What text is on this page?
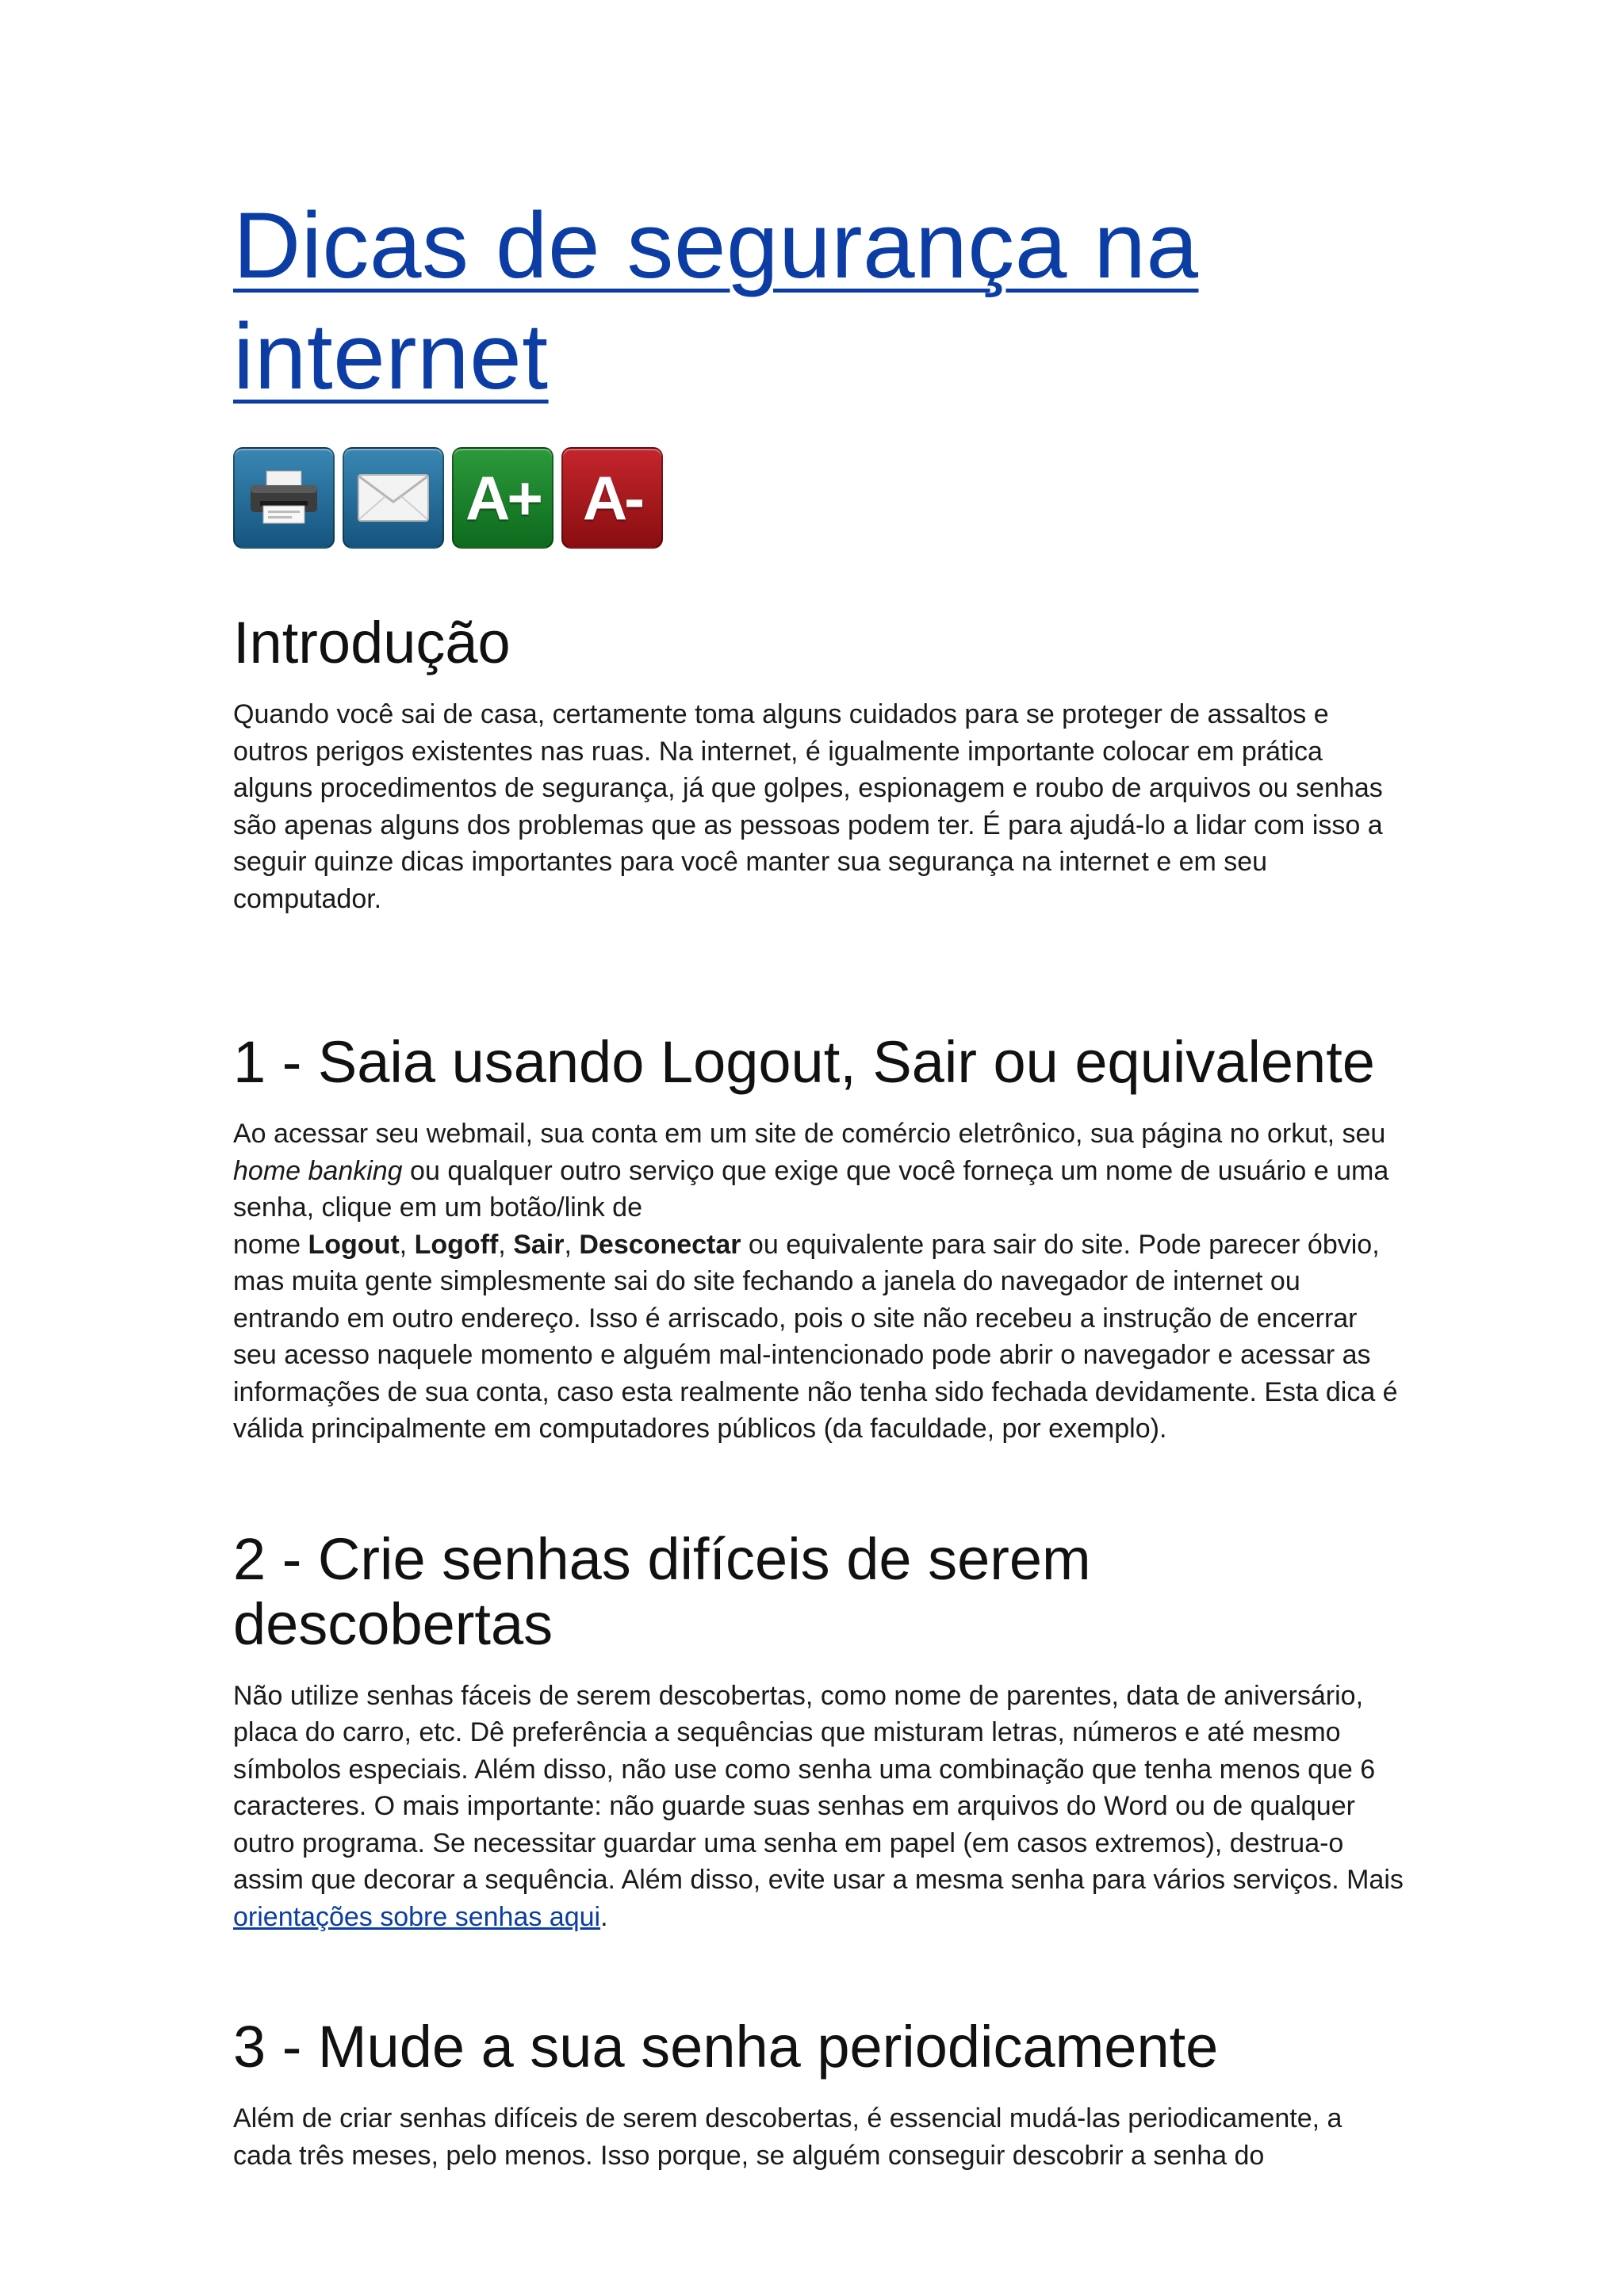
Dicas de segurança na internet
A+ A-
Introdução

Quando você sai de casa, certamente toma alguns cuidados para se proteger de assaltos e outros perigos existentes nas ruas. Na internet, é igualmente importante colocar em prática alguns procedimentos de segurança, já que golpes, espionagem e roubo de arquivos ou senhas são apenas alguns dos problemas que as pessoas podem ter. É para ajudá-lo a lidar com isso a seguir quinze dicas importantes para você manter sua segurança na internet e em seu computador.

1 - Saia usando Logout, Sair ou equivalente

Ao acessar seu webmail, sua conta em um site de comércio eletrônico, sua página no orkut, seu home banking ou qualquer outro serviço que exige que você forneça um nome de usuário e uma senha, clique em um botão/link de
nome Logout, Logoff, Sair, Desconectar ou equivalente para sair do site. Pode parecer óbvio, mas muita gente simplesmente sai do site fechando a janela do navegador de internet ou entrando em outro endereço. Isso é arriscado, pois o site não recebeu a instrução de encerrar seu acesso naquele momento e alguém mal-intencionado pode abrir o navegador e acessar as informações de sua conta, caso esta realmente não tenha sido fechada devidamente. Esta dica é válida principalmente em computadores públicos (da faculdade, por exemplo).

2 - Crie senhas difíceis de serem descobertas

Não utilize senhas fáceis de serem descobertas, como nome de parentes, data de aniversário, placa do carro, etc. Dê preferência a sequências que misturam letras, números e até mesmo símbolos especiais. Além disso, não use como senha uma combinação que tenha menos que 6 caracteres. O mais importante: não guarde suas senhas em arquivos do Word ou de qualquer outro programa. Se necessitar guardar uma senha em papel (em casos extremos), destrua-o assim que decorar a sequência. Além disso, evite usar a mesma senha para vários serviços. Mais orientações sobre senhas aqui.

3 - Mude a sua senha periodicamente

Além de criar senhas difíceis de serem descobertas, é essencial mudá-las periodicamente, a cada três meses, pelo menos. Isso porque, se alguém conseguir descobrir a senha do
